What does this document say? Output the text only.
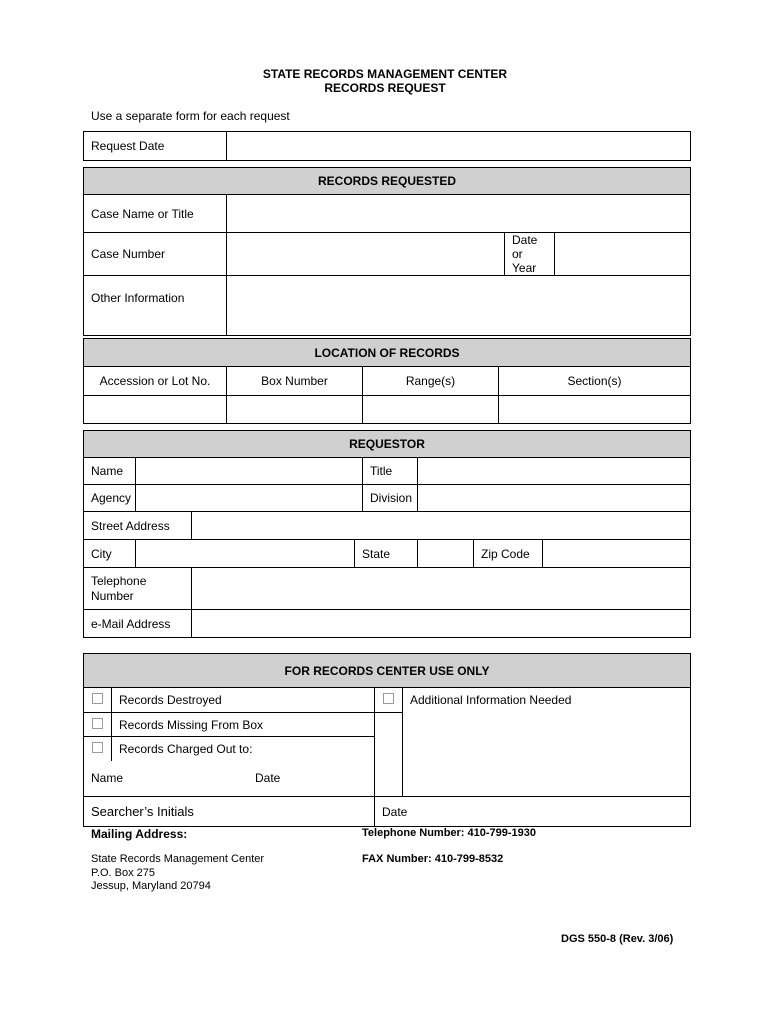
STATE RECORDS MANAGEMENT CENTER
RECORDS REQUEST
Use a separate form for each request
Request Date	
RECORDS REQUESTED			
Case Name or Title			
Case Number		Date or
Year	
Other Information			
LOCATION OF RECORDS			
Accession or Lot No.	Box Number	Range(s)	Section(s)

REQUESTOR							
Name				Title			
Agency				Division			
Street Address							
City			State			Zip Code	
Telephone
Number							
e-Mail Address							
FOR RECORDS CENTER USE ONLY			
	Records Destroyed		Additional Information Needed
	Records Missing From Box		
	Records Charged Out to:		
Name Date			

Searcher’s Initials		Date	
Mailing Address:
State Records Management Center
P.O. Box 275
Jessup, Maryland 20794
Telephone Number: 410-799-1930
FAX Number: 410-799-8532
DGS 550-8 (Rev. 3/06)
